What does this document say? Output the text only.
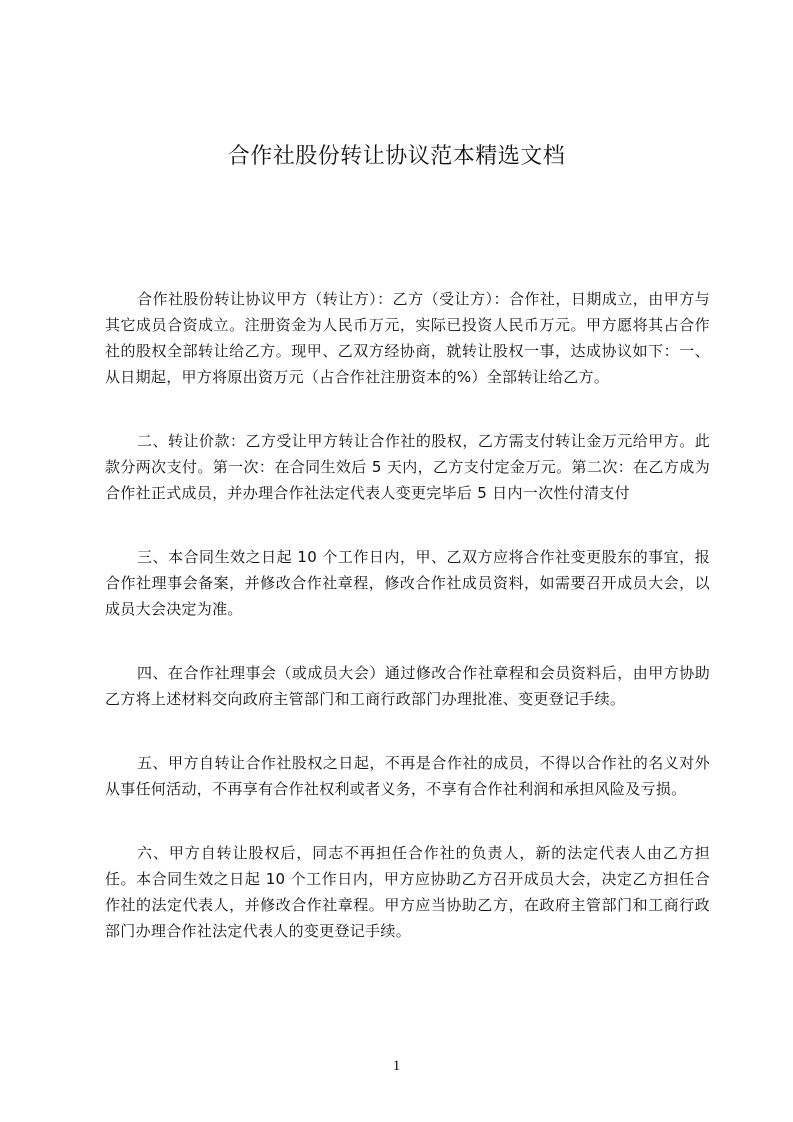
合作社股份转让协议范本精选文档

合作社股份转让协议甲方（转让方）：乙方（受让方）：合作社，日期成立，由甲方与其它成员合资成立。注册资金为人民币万元，实际已投资人民币万元。甲方愿将其占合作社的股权全部转让给乙方。现甲、乙双方经协商，就转让股权一事，达成协议如下：一、从日期起，甲方将原出资万元（占合作社注册资本的%）全部转让给乙方。

二、转让价款：乙方受让甲方转让合作社的股权，乙方需支付转让金万元给甲方。此款分两次支付。第一次：在合同生效后 5 天内，乙方支付定金万元。第二次：在乙方成为合作社正式成员，并办理合作社法定代表人变更完毕后 5 日内一次性付清支付

三、本合同生效之日起 10 个工作日内，甲、乙双方应将合作社变更股东的事宜，报合作社理事会备案，并修改合作社章程，修改合作社成员资料，如需要召开成员大会，以成员大会决定为准。

四、在合作社理事会（或成员大会）通过修改合作社章程和会员资料后，由甲方协助乙方将上述材料交向政府主管部门和工商行政部门办理批准、变更登记手续。

五、甲方自转让合作社股权之日起，不再是合作社的成员，不得以合作社的名义对外从事任何活动，不再享有合作社权利或者义务，不享有合作社利润和承担风险及亏损。

六、甲方自转让股权后，同志不再担任合作社的负责人，新的法定代表人由乙方担任。本合同生效之日起 10 个工作日内，甲方应协助乙方召开成员大会，决定乙方担任合作社的法定代表人，并修改合作社章程。甲方应当协助乙方，在政府主管部门和工商行政部门办理合作社法定代表人的变更登记手续。

1
